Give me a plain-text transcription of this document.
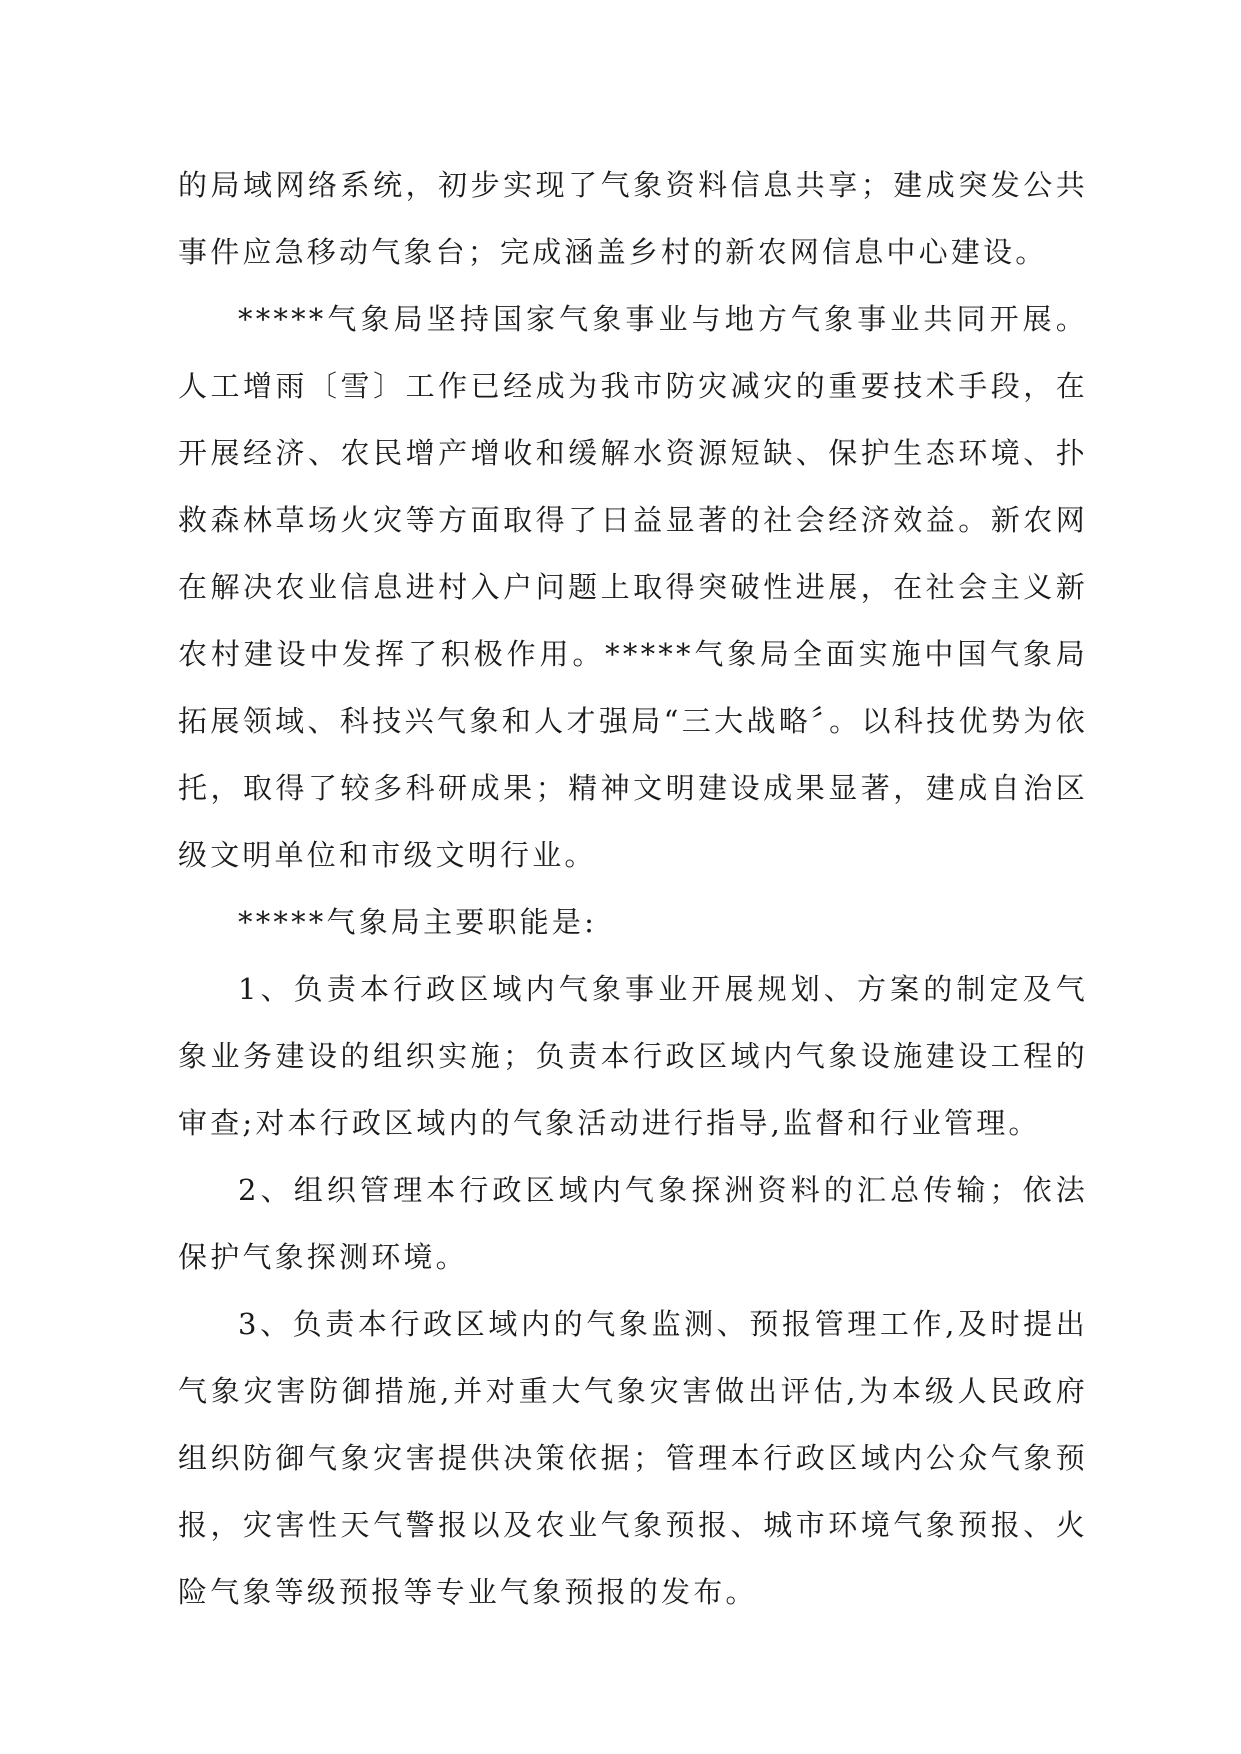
的局域网络系统，初步实现了气象资料信息共享；建成突发公共事件应急移动气象台；完成涵盖乡村的新农网信息中心建设。

*****气象局坚持国家气象事业与地方气象事业共同开展。人工增雨〔雪〕工作已经成为我市防灾减灾的重要技术手段，在开展经济、农民增产增收和缓解水资源短缺、保护生态环境、扑救森林草场火灾等方面取得了日益显著的社会经济效益。新农网在解决农业信息进村入户问题上取得突破性进展，在社会主义新农村建设中发挥了积极作用。*****气象局全面实施中国气象局拓展领域、科技兴气象和人才强局“三大战略〞。以科技优势为依托，取得了较多科研成果；精神文明建设成果显著，建成自治区级文明单位和市级文明行业。

*****气象局主要职能是:

1、负责本行政区域内气象事业开展规划、方案的制定及气象业务建设的组织实施；负责本行政区域内气象设施建设工程的审查;对本行政区域内的气象活动进行指导,监督和行业管理。

2、组织管理本行政区域内气象探洲资料的汇总传输；依法保护气象探测环境。

3、负责本行政区域内的气象监测、预报管理工作,及时提出气象灾害防御措施,并对重大气象灾害做出评估,为本级人民政府组织防御气象灾害提供决策依据；管理本行政区域内公众气象预报，灾害性天气警报以及农业气象预报、城市环境气象预报、火险气象等级预报等专业气象预报的发布。
